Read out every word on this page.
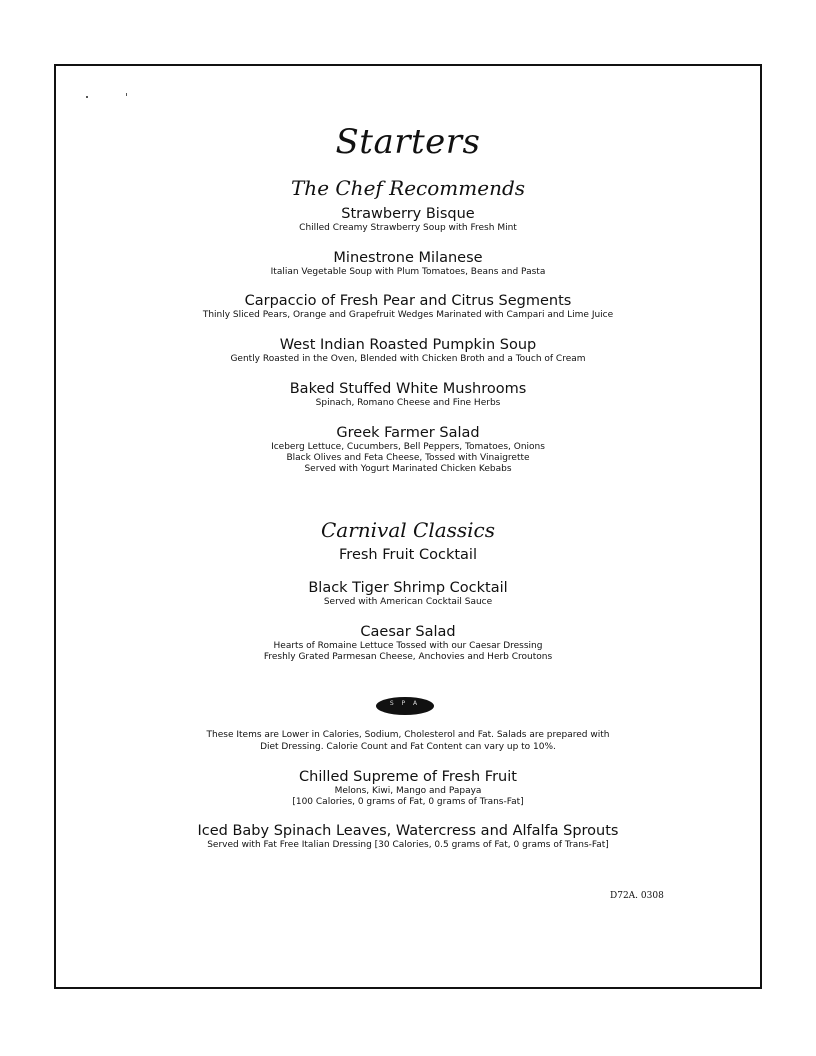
Starters
The Chef Recommends
Strawberry Bisque
Chilled Creamy Strawberry Soup with Fresh Mint
Minestrone Milanese
Italian Vegetable Soup with Plum Tomatoes, Beans and Pasta
Carpaccio of Fresh Pear and Citrus Segments
Thinly Sliced Pears, Orange and Grapefruit Wedges Marinated with Campari and Lime Juice
West Indian Roasted Pumpkin Soup
Gently Roasted in the Oven, Blended with Chicken Broth and a Touch of Cream
Baked Stuffed White Mushrooms
Spinach, Romano Cheese and Fine Herbs
Greek Farmer Salad
Iceberg Lettuce, Cucumbers, Bell Peppers, Tomatoes, Onions
Black Olives and Feta Cheese, Tossed with Vinaigrette
Served with Yogurt Marinated Chicken Kebabs
Carnival Classics
Fresh Fruit Cocktail
Black Tiger Shrimp Cocktail
Served with American Cocktail Sauce
Caesar Salad
Hearts of Romaine Lettuce Tossed with our Caesar Dressing
Freshly Grated Parmesan Cheese, Anchovies and Herb Croutons
S P A
These Items are Lower in Calories, Sodium, Cholesterol and Fat. Salads are prepared with
Diet Dressing. Calorie Count and Fat Content can vary up to 10%.
Chilled Supreme of Fresh Fruit
Melons, Kiwi, Mango and Papaya
[100 Calories, 0 grams of Fat, 0 grams of Trans-Fat]
Iced Baby Spinach Leaves, Watercress and Alfalfa Sprouts
Served with Fat Free Italian Dressing [30 Calories, 0.5 grams of Fat, 0 grams of Trans-Fat]
D72A. 0308
